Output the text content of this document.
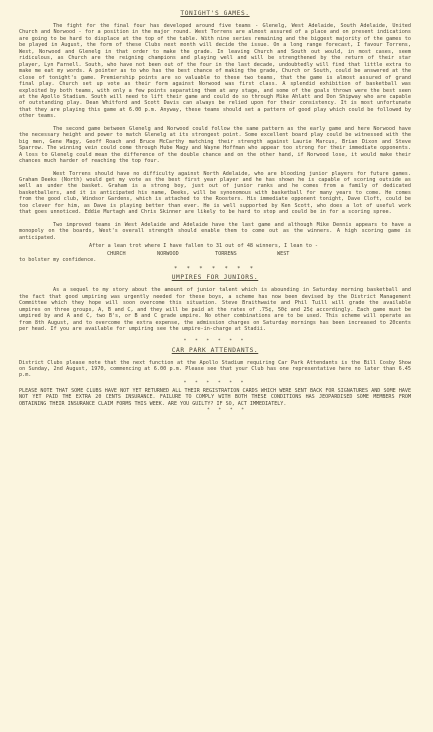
TONIGHT'S GAMES.

The fight for the final four has developed around five teams - Glenelg, West Adelaide, South Adelaide, United Church and Norwood - for a position in the major round. West Torrens are almost assured of a place and on present indications are going to be hard to displace at the top of the table. With nine series remaining and the biggest majority of the games to be played in August, the form of these Clubs next month will decide the issue. On a long range forecast, I favour Torrens, West, Norwood and Glenelg in that order to make the grade. In leaving Church and South out would, in most cases, seem ridiculous, as Church are the reigning champions and playing well and will be strengthened by the return of their star player, Lyn Farnell. South, who have not been out of the four in the last decade, undoubtedly will find that little extra to make me eat my words. A pointer as to who has the best chance of making the grade, Church or South, could be answered at the close of tonight's game. Premiership points are so valuable to these two teams, that the game is almost assured of grand final play. Church set up vote as their form against Norwood was first class. A splendid exhibition of basketball was exploited by both teams, with only a few points separating them at any stage, and some of the goals thrown were the best seen at the Apollo Stadium. South will need to lift their game and could do so through Mike Ahlatt and Don Shipway who are capable of outstanding play. Dean Whitford and Scott Davis can always be relied upon for their consistency. It is most unfortunate that they are playing this game at 6.00 p.m. Anyway, these teams should set a pattern of good play which could be followed by other teams.

The second game between Glenelg and Norwood could follow the same pattern as the early game and here Norwood have the necessary height and power to match Glenelg at its strongest point. Some excellent board play could be witnessed with the big men, Gene Magy, Geoff Roach and Bruce McCarthy matching their strength against Laurie Marcus, Brian Dixon and Steve Sparrow. The winning vein could come through Hube Magy and Wayne Hoffman who appear too strong for their immediate opponents. A loss to Glenelg could mean the difference of the double chance and on the other hand, if Norwood lose, it would make their chances much harder of reaching the top four.

West Torrens should have no difficulty against North Adelaide, who are blooding junior players for future games. Graham Deeks (North) would get my vote as the best first year player and he has shown he is capable of scoring outside as well as under the basket. Graham is a strong boy, just out of junior ranks and he comes from a family of dedicated basketballers, and it is anticipated his name, Deeks, will be synonomous with basketball for many years to come. He comes from the good club, Windsor Gardens, which is attached to the Roosters. His immediate opponent tonight, Dave Cloft, could be too clever for him, as Dave is playing better than ever. He is well supported by Ken Scott, who does a lot of useful work that goes unnoticed. Eddie Murtagh and Chris Skinner are likely to be hard to stop and could be in for a scoring spree.

Two improved teams in West Adelaide and Adelaide have the last game and although Mike Dennis appears to have a monopoly on the boards, West's overall strength should enable them to come out as the winners. A high scoring game is anticipated.

After a lean trot where I have fallen to 31 out of 48 winners, I lean to -

CHURCH	NORWOOD	TORRENS	WEST

to bolster my confidence.

* * * * * * *

UMPIRES FOR JUNIORS.

As a sequel to my story about the amount of junior talent which is abounding in Saturday morning basketball and the fact that good umpiring was urgently needed for these boys, a scheme has now been devised by the District Management Committee which they hope will soon overcome this situation. Steve Braithwaite and Phil Tuill will grade the available umpires on three groups, A, B and C, and they will be paid at the rates of .75¢, 50¢ and 25¢ accordingly. Each game must be umpired by and A and C, two B's, or B and C grade umpire. No other combinations are to be used. This scheme will operate as from 8th August, and to overcome the extra expense, the admission charges on Saturday mornings has been increased to 20cents per head. If you are available for umpiring see the umpire-in-charge at Stadii.

* * * * * *

CAR PARK ATTENDANTS.

District Clubs please note that the next function at the Apollo Stadium requiring Car Park Attendants is the Bill Cosby Show on Sunday, 2nd August, 1970, commencing at 6.00 p.m. Please see that your Club has one representative here no later than 6.45 p.m.

* * * * * *

PLEASE NOTE THAT SOME CLUBS HAVE NOT YET RETURNED ALL THEIR REGISTRATION CARDS WHICH WERE SENT BACK FOR SIGNATURES AND SOME HAVE NOT YET PAID THE EXTRA 20 CENTS INSURANCE. FAILURE TO COMPLY WITH BOTH THESE CONDITIONS HAS JEOPARDISED SOME MEMBERS FROM OBTAINING THEIR INSURANCE CLAIM FORMS THIS WEEK. ARE YOU GUILTY? IF SO, ACT IMMEDIATELY.

* * * *
